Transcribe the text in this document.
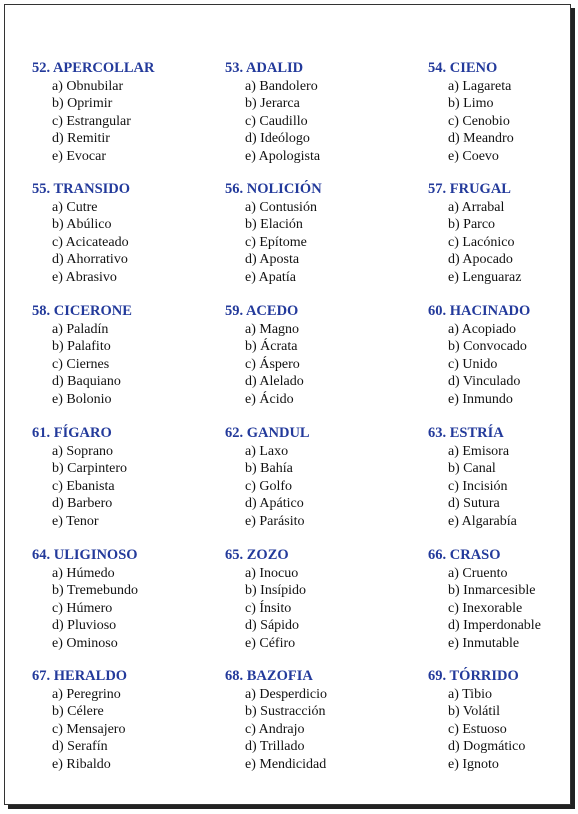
52. APERCOLLAR
a) Obnubilar
b) Oprimir
c) Estrangular
d) Remitir
e) Evocar
53. ADALID
a) Bandolero
b) Jerarca
c) Caudillo
d) Ideólogo
e) Apologista
54. CIENO
a) Lagareta
b) Limo
c) Cenobio
d) Meandro
e) Coevo
55. TRANSIDO
a) Cutre
b) Abúlico
c) Acicateado
d) Ahorrativo
e) Abrasivo
56. NOLICIÓN
a) Contusión
b) Elación
c) Epítome
d) Aposta
e) Apatía
57. FRUGAL
a) Arrabal
b) Parco
c) Lacónico
d) Apocado
e) Lenguaraz
58. CICERONE
a) Paladín
b) Palafito
c) Ciernes
d) Baquiano
e) Bolonio
59. ACEDO
a) Magno
b) Ácrata
c) Áspero
d) Alelado
e) Ácido
60. HACINADO
a) Acopiado
b) Convocado
c) Unido
d) Vinculado
e) Inmundo
61. FÍGARO
a) Soprano
b) Carpintero
c) Ebanista
d) Barbero
e) Tenor
62. GANDUL
a) Laxo
b) Bahía
c) Golfo
d) Apático
e) Parásito
63. ESTRÍA
a) Emisora
b) Canal
c) Incisión
d) Sutura
e) Algarabía
64. ULIGINOSO
a) Húmedo
b) Tremebundo
c) Húmero
d) Pluvioso
e) Ominoso
65. ZOZO
a) Inocuo
b) Insípido
c) Ínsito
d) Sápido
e) Céfiro
66. CRASO
a) Cruento
b) Inmarcesible
c) Inexorable
d) Imperdonable
e) Inmutable
67. HERALDO
a) Peregrino
b) Célere
c) Mensajero
d) Serafín
e) Ribaldo
68. BAZOFIA
a) Desperdicio
b) Sustracción
c) Andrajo
d) Trillado
e) Mendicidad
69. TÓRRIDO
a) Tibio
b) Volátil
c) Estuoso
d) Dogmático
e) Ignoto
